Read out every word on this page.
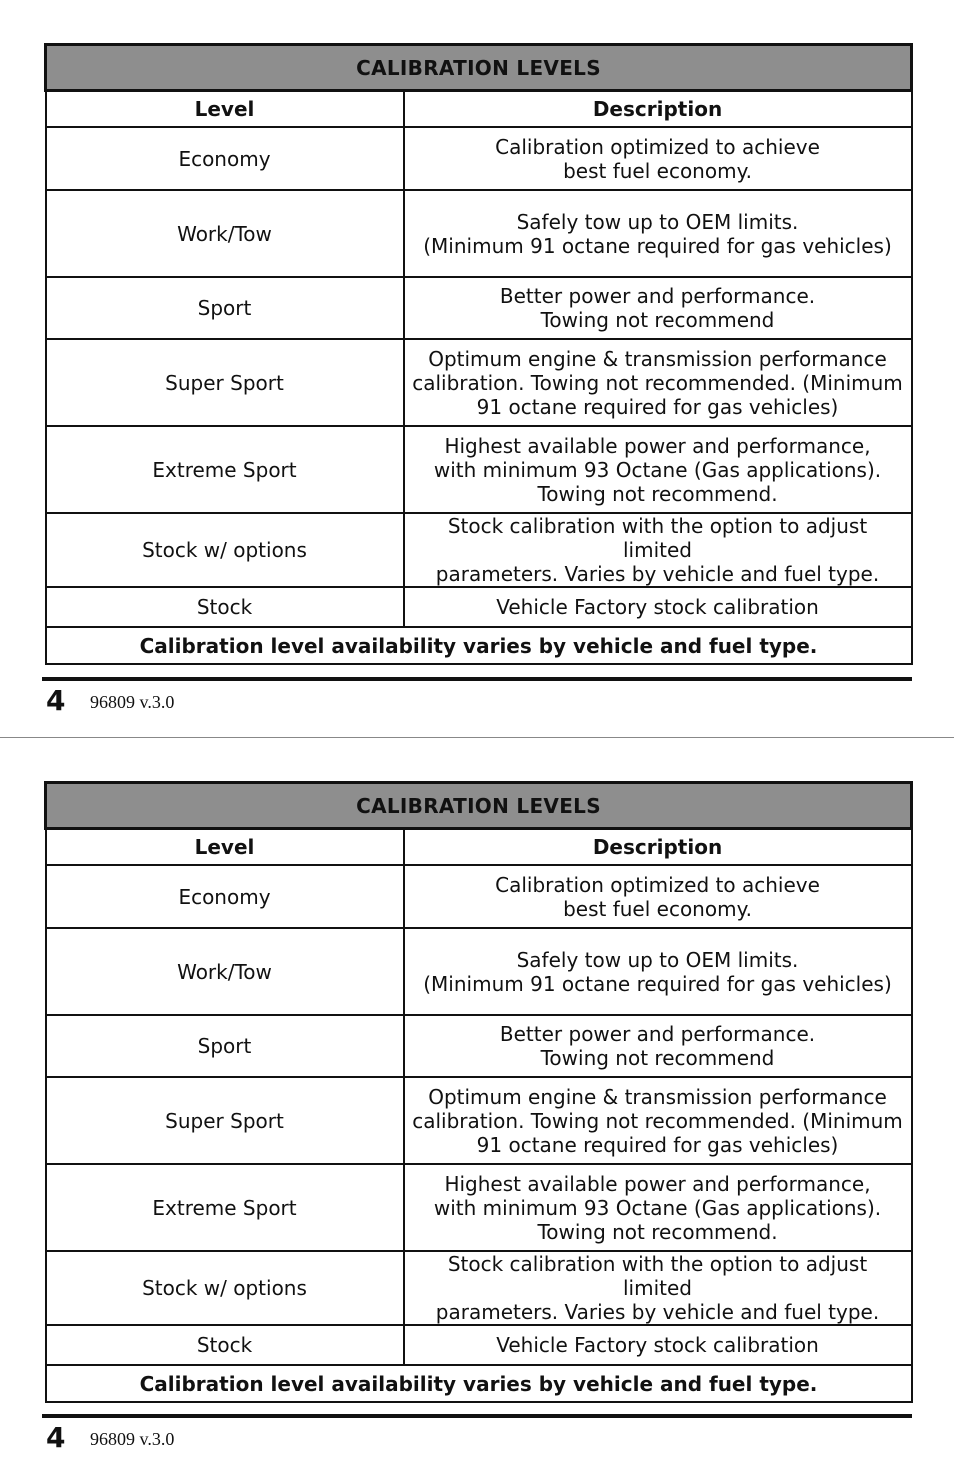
CALIBRATION LEVELS	
Level	Description
Economy	Calibration optimized to achieve
best fuel economy.
Work/Tow	Safely tow up to OEM limits.
(Minimum 91 octane required for gas vehicles)
Sport	Better power and performance.
Towing not recommend
Super Sport	Optimum engine & transmission performance
calibration. Towing not recommended. (Minimum
91 octane required for gas vehicles)
Extreme Sport	Highest available power and performance,
with minimum 93 Octane (Gas applications).
Towing not recommend.
Stock w/ options	Stock calibration with the option to adjust limited
parameters. Varies by vehicle and fuel type.
Stock	Vehicle Factory stock calibration
Calibration level availability varies by vehicle and fuel type.	
4 96809 v.3.0
CALIBRATION LEVELS	
Level	Description
Economy	Calibration optimized to achieve
best fuel economy.
Work/Tow	Safely tow up to OEM limits.
(Minimum 91 octane required for gas vehicles)
Sport	Better power and performance.
Towing not recommend
Super Sport	Optimum engine & transmission performance
calibration. Towing not recommended. (Minimum
91 octane required for gas vehicles)
Extreme Sport	Highest available power and performance,
with minimum 93 Octane (Gas applications).
Towing not recommend.
Stock w/ options	Stock calibration with the option to adjust limited
parameters. Varies by vehicle and fuel type.
Stock	Vehicle Factory stock calibration
Calibration level availability varies by vehicle and fuel type.	
4 96809 v.3.0
